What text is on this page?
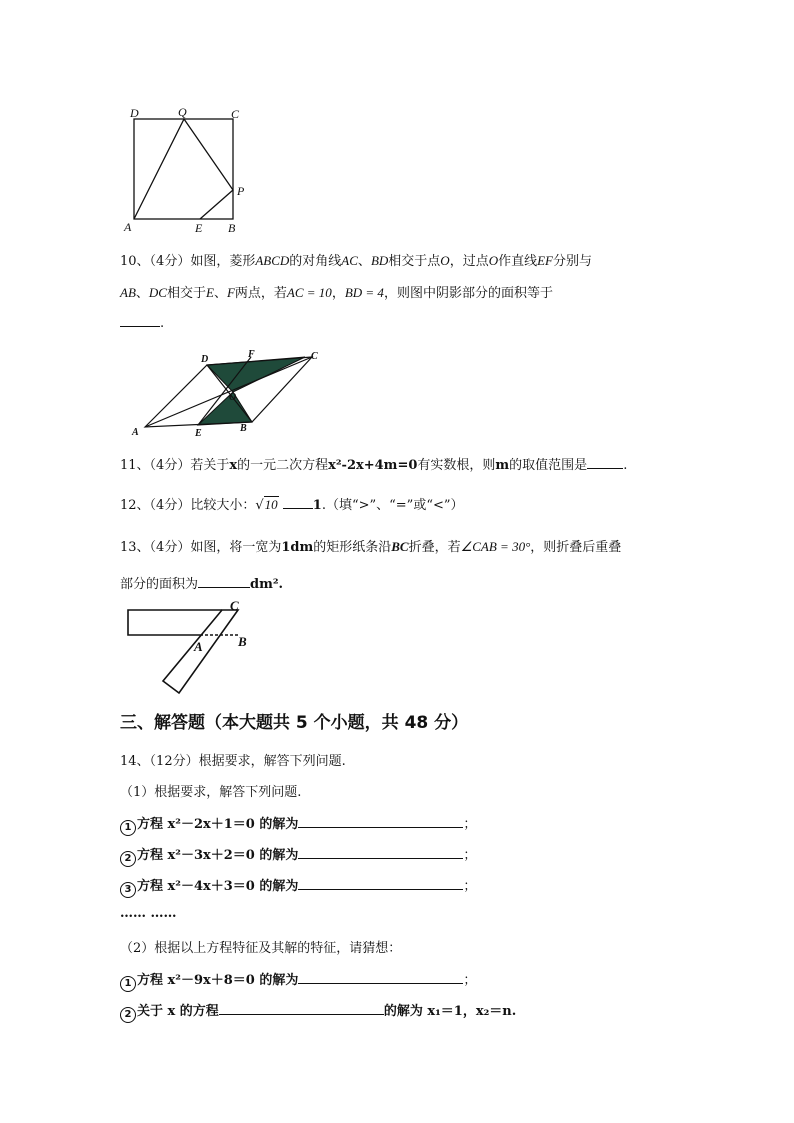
D	Q	C
P
A	E B
10、（4分）如图，菱形ABCD的对角线AC、BD相交于点O，过点O作直线EF分别与
AB、DC相交于E、F两点，若AC = 10，BD = 4，则图中阴影部分的面积等于
.
D	F	C
O
A	E	B
11、（4分）若关于x的一元二次方程x²-2x+4m=0有实数根，则m的取值范围是	.
12、（4分）比较大小：√10	1.（填“>”、“=”或“<”）
13、（4分）如图，将一宽为1dm的矩形纸条沿BC折叠，若∠CAB = 30°，则折叠后重叠
部分的面积为	dm².
C
A	B
三、解答题（本大题共 5 个小题，共 48 分）
14、（12分）根据要求，解答下列问题.
（1）根据要求，解答下列问题.
1 方程 x²－2x＋1＝0 的解为	；
2 方程 x²－3x＋2＝0 的解为	；
3 方程 x²－4x＋3＝0 的解为	；
…… ……
（2）根据以上方程特征及其解的特征，请猜想：
1 方程 x²－9x＋8＝0 的解为	；
2 关于 x 的方程	的解为 x₁＝1，x₂＝n.
